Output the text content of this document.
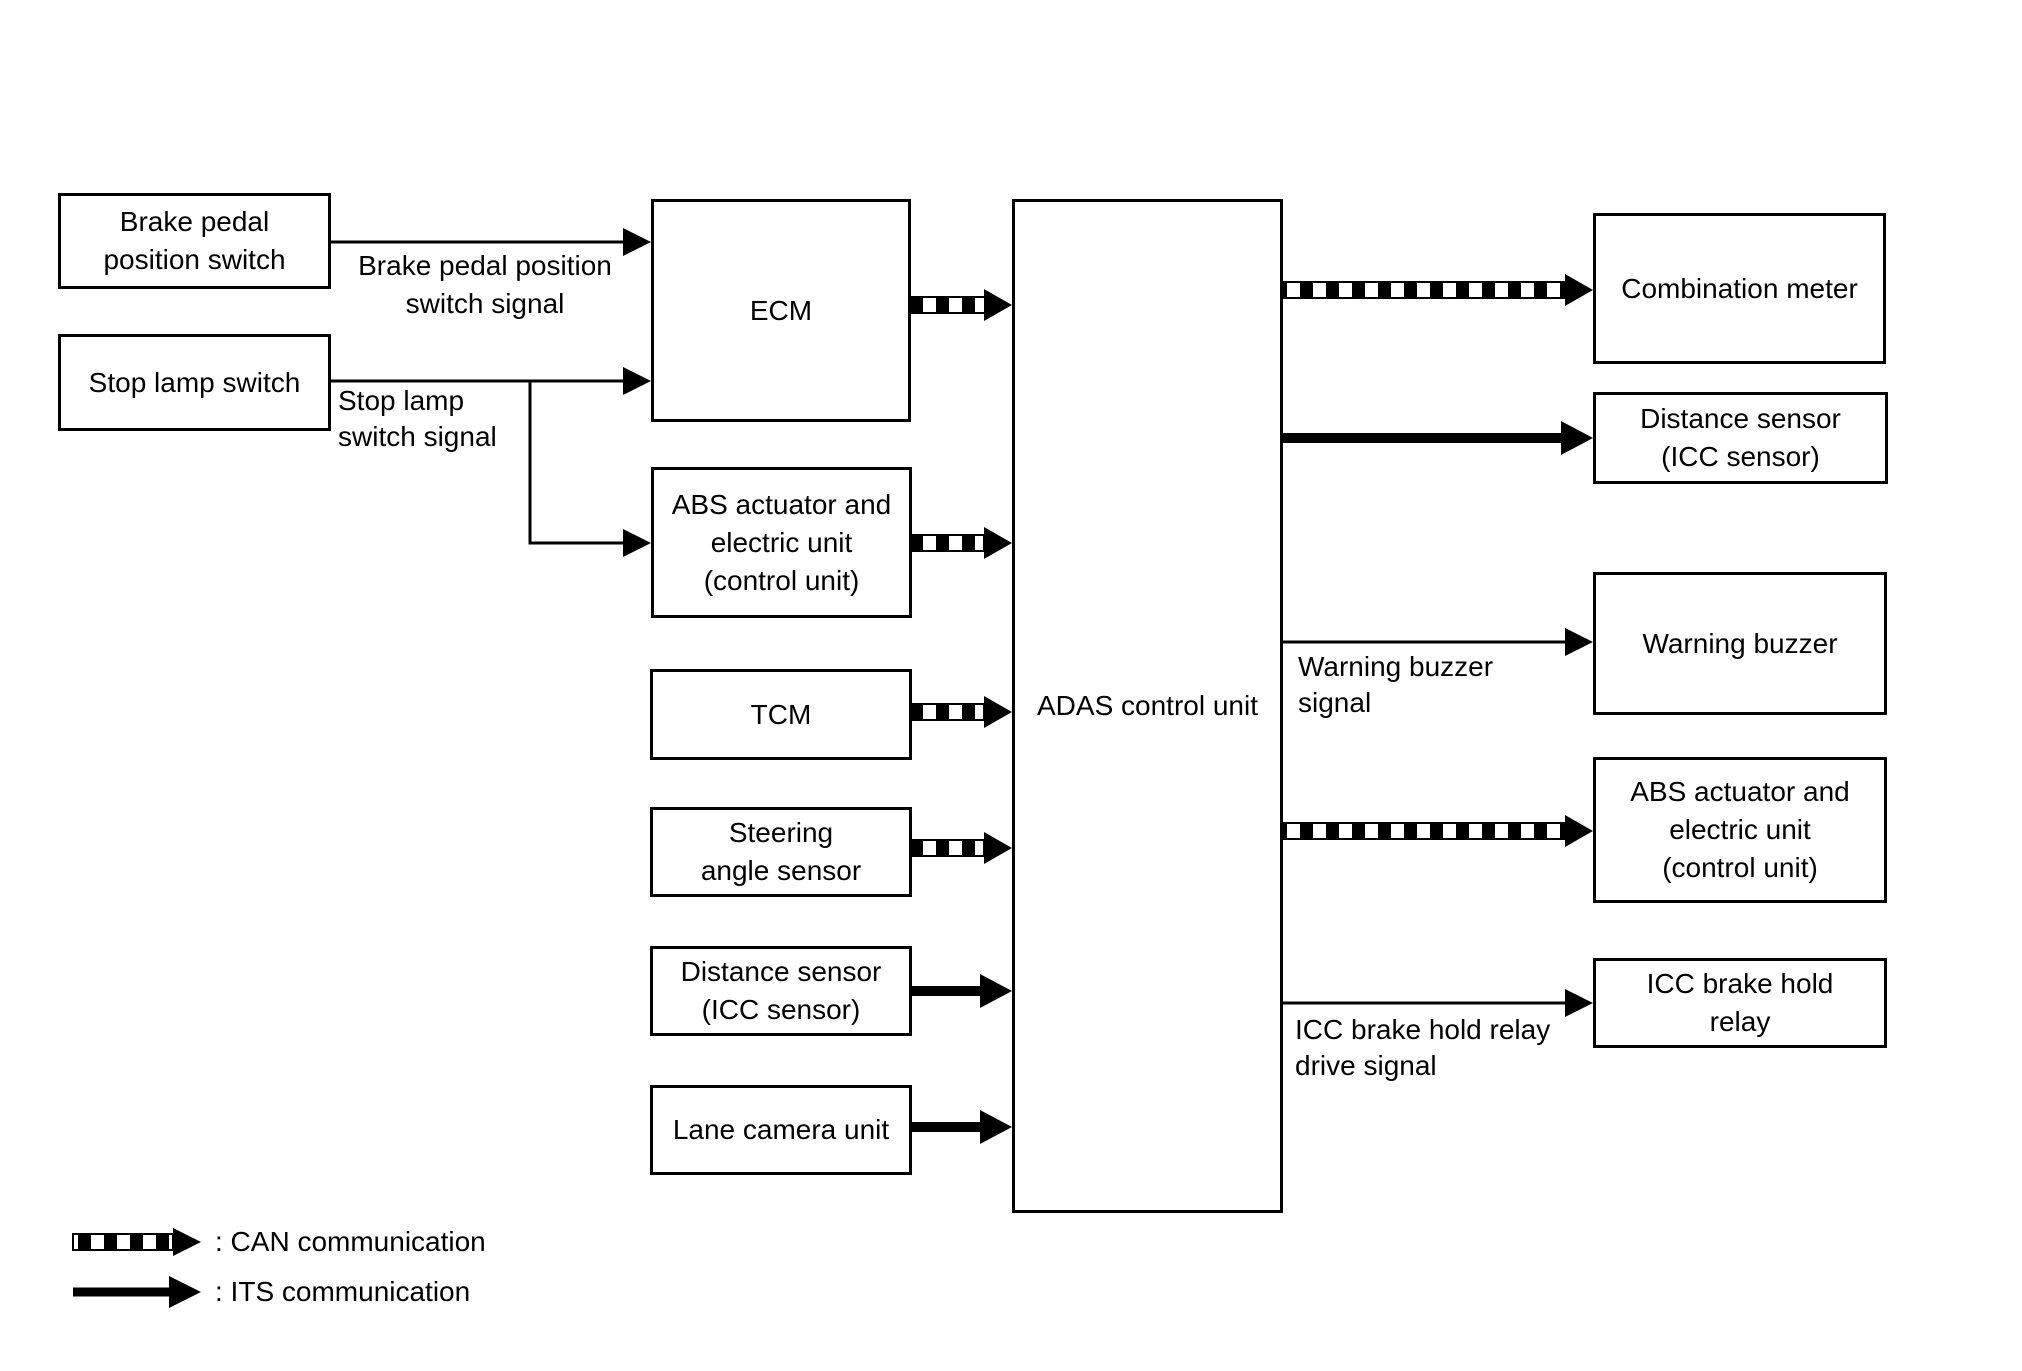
Brake pedal
position switch
Stop lamp switch
ECM
ABS actuator and
electric unit
(control unit)
TCM
Steering
angle sensor
Distance sensor
(ICC sensor)
Lane camera unit
ADAS control unit
Combination meter
Distance sensor
(ICC sensor)
Warning buzzer
ABS actuator and
electric unit
(control unit)
ICC brake hold
relay
Brake pedal position
switch signal
Stop lamp
switch signal
Warning buzzer
signal
ICC brake hold relay
drive signal
: CAN communication
: ITS communication
